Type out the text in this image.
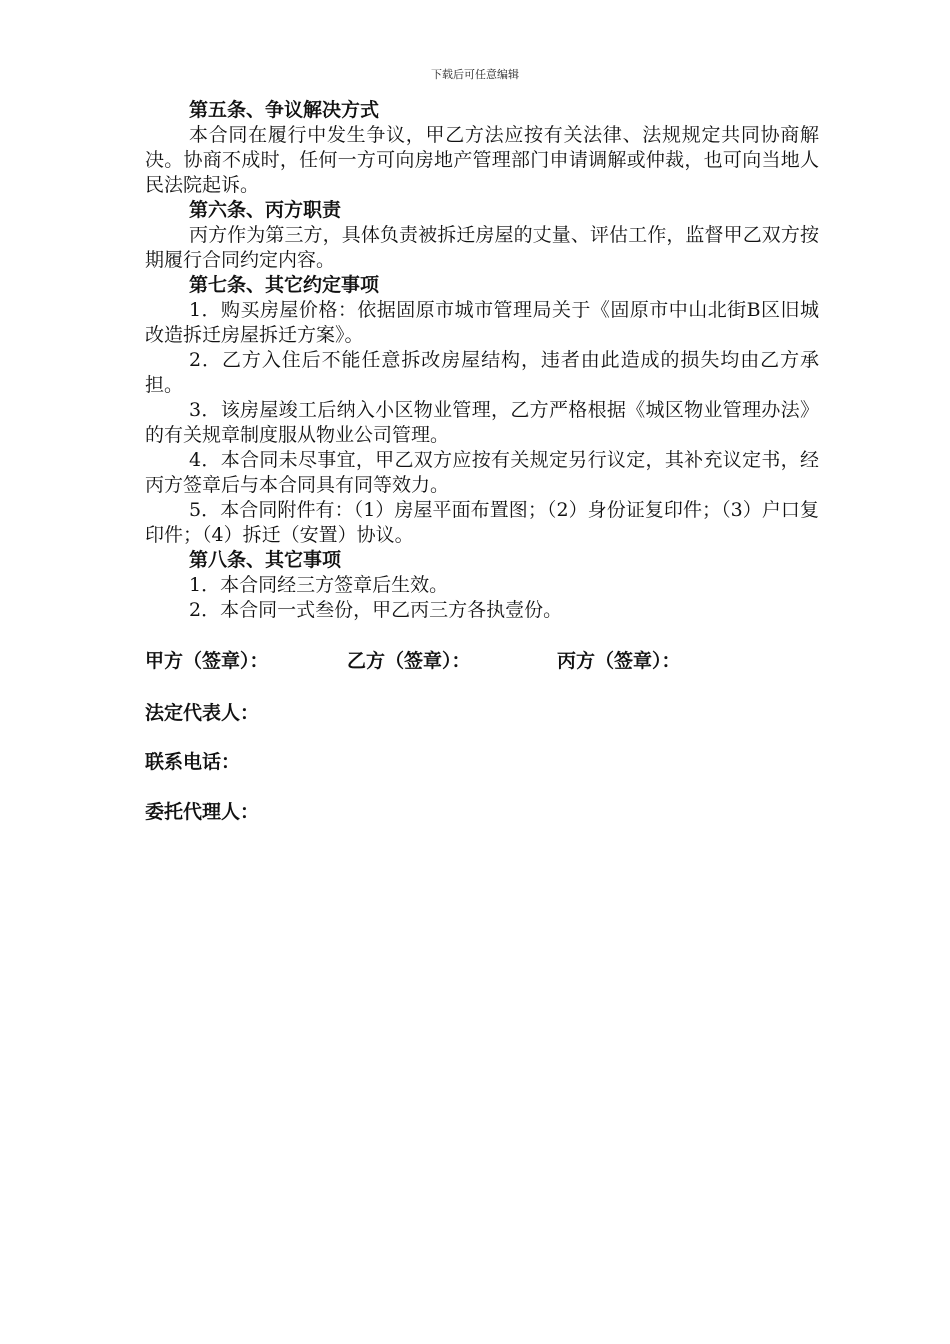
下载后可任意编辑
第五条、争议解决方式
本合同在履行中发生争议，甲乙方法应按有关法律、法规规定共同协商解决。协商不成时，任何一方可向房地产管理部门申请调解或仲裁，也可向当地人民法院起诉。
第六条、丙方职责
丙方作为第三方，具体负责被拆迁房屋的丈量、评估工作，监督甲乙双方按期履行合同约定内容。
第七条、其它约定事项
1．购买房屋价格：依据固原市城市管理局关于《固原市中山北街B区旧城改造拆迁房屋拆迁方案》。
2．乙方入住后不能任意拆改房屋结构，违者由此造成的损失均由乙方承担。
3．该房屋竣工后纳入小区物业管理，乙方严格根据《城区物业管理办法》的有关规章制度服从物业公司管理。
4．本合同未尽事宜，甲乙双方应按有关规定另行议定，其补充议定书，经丙方签章后与本合同具有同等效力。
5．本合同附件有：（1）房屋平面布置图；（2）身份证复印件；（3）户口复印件；（4）拆迁（安置）协议。
第八条、其它事项
1．本合同经三方签章后生效。
2．本合同一式叁份，甲乙丙三方各执壹份。
甲方（签章）：	乙方（签章）：	丙方（签章）：
法定代表人：
联系电话：
委托代理人：
